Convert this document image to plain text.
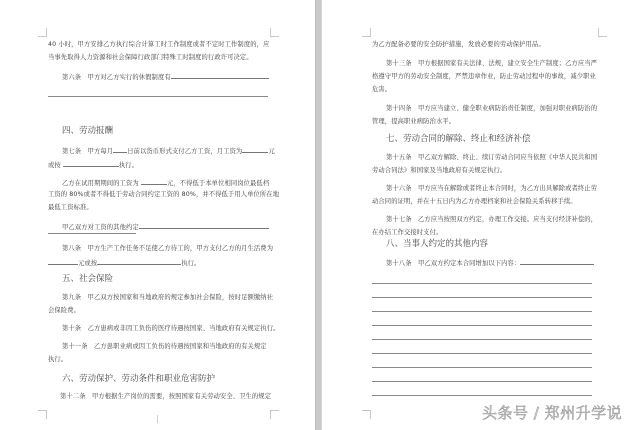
40 小时，甲方安排乙方执行综合计算工时工作制度或者不定时工作制度的，应
当事先取得人力资源和社会保障行政部门特殊工时制度的行政许可决定。
第六条　甲方对乙方实行的休假制度有
四、劳动报酬
第七条　甲方每月 日前以货币形式支付乙方工资，月工资为	元
或按	执行。
乙方在试用期期间的工资为	元，不得低于本单位相同岗位最低档
工资的 80%或者不得低于劳动合同约定工资的 80%，并不得低于用人单位所在地
最低工资标准。
甲乙双方对工资的其他约定
第八条　甲方生产工作任务不足使乙方待工的，甲方支付乙方的月生活费为
元或按	执行。
五、社会保险
第九条　甲乙双方按国家和当地政府的规定参加社会保险，按时足额缴纳社
会保险费。
第十条　乙方患病或非因工负伤的医疗待遇按国家、当地政府有关规定执行。
第十一条　乙方患职业病或因工负伤的待遇按国家和当地政府的有关规定
执行。
六、劳动保护、劳动条件和职业危害防护
第十二条　甲方根据生产岗位的需要，按照国家有关劳动安全、卫生的规定
为乙方配备必要的安全防护措施，发放必要的劳动保护用品。
第十三条　甲方根据国家有关法律、法规，建立安全生产制度；乙方应当严
格遵守甲方的劳动安全制度，严禁违章作业，防止劳动过程中的事故，减少职业
危害。
第十四条　甲方应当建立、健全职业病防治责任制度，加强对职业病防治的
管理，提高职业病防治水平。
七、劳动合同的解除、终止和经济补偿
第十五条　甲乙双方解除、终止、续订劳动合同应当依照《中华人民共和国
劳动合同法》和国家及当地政府有关规定执行。
第十六条　甲方应当在解除或者终止本合同时，为乙方出具解除或者终止劳
动合同的证明，并在十五日内为乙方办理档案和社会保险关系转移手续。
第十七条　乙方应当按照双方约定，办理工作交接。应当支付经济补偿的，
在办结工作交接时支付。
八、当事人约定的其他内容
第十八条　甲乙双方约定本合同增加以下内容：
头条号 / 郑州升学说
